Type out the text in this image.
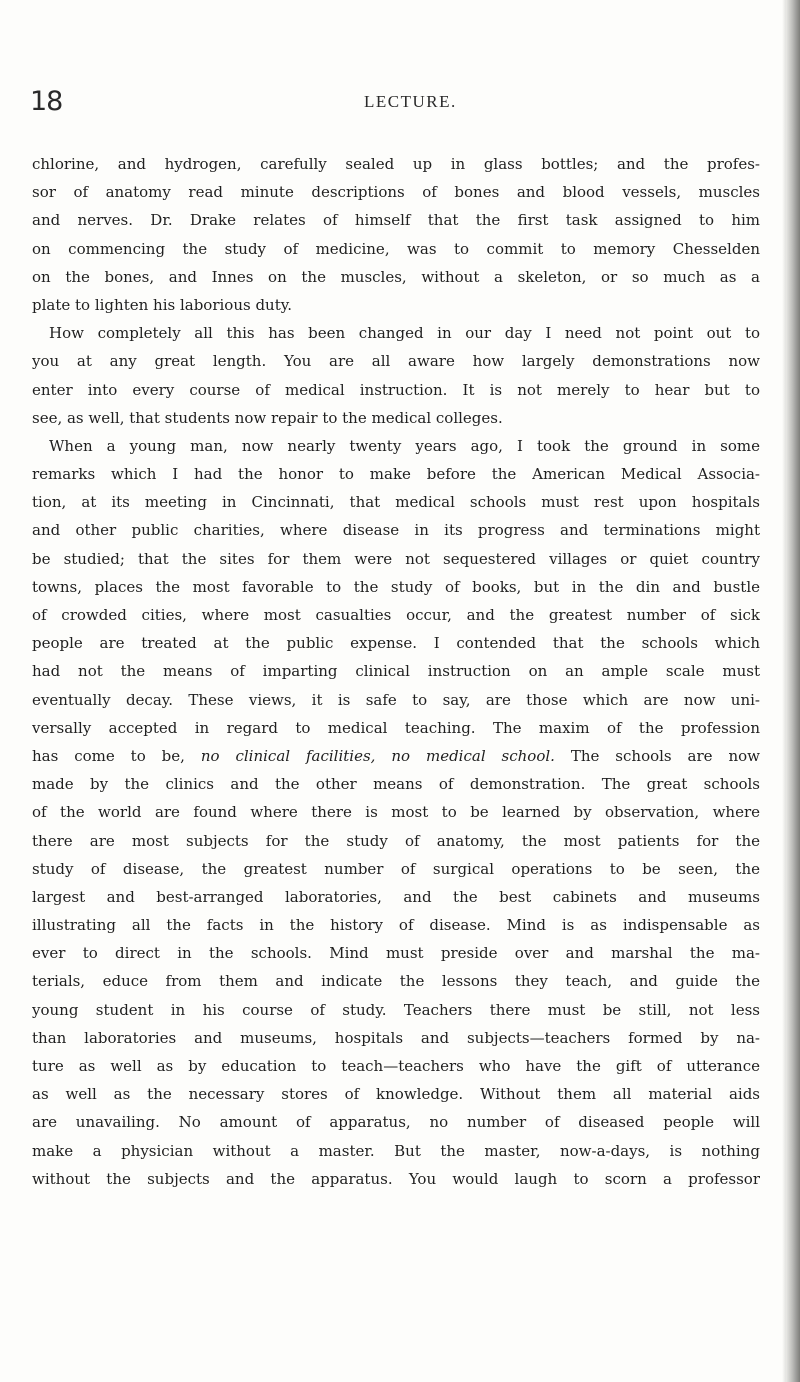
18	LECTURE.
chlorine, and hydrogen, carefully sealed up in glass bottles; and the profes-
sor of anatomy read minute descriptions of bones and blood vessels, muscles
and nerves. Dr. Drake relates of himself that the first task assigned to him
on commencing the study of medicine, was to commit to memory Chesselden
on the bones, and Innes on the muscles, without a skeleton, or so much as a
plate to lighten his laborious duty.
How completely all this has been changed in our day I need not point out to
you at any great length. You are all aware how largely demonstrations now
enter into every course of medical instruction. It is not merely to hear but to
see, as well, that students now repair to the medical colleges.
When a young man, now nearly twenty years ago, I took the ground in some
remarks which I had the honor to make before the American Medical Associa-
tion, at its meeting in Cincinnati, that medical schools must rest upon hospitals
and other public charities, where disease in its progress and terminations might
be studied; that the sites for them were not sequestered villages or quiet country
towns, places the most favorable to the study of books, but in the din and bustle
of crowded cities, where most casualties occur, and the greatest number of sick
people are treated at the public expense. I contended that the schools which
had not the means of imparting clinical instruction on an ample scale must
eventually decay. These views, it is safe to say, are those which are now uni-
versally accepted in regard to medical teaching. The maxim of the profession
has come to be, no clinical facilities, no medical school. The schools are now
made by the clinics and the other means of demonstration. The great schools
of the world are found where there is most to be learned by observation, where
there are most subjects for the study of anatomy, the most patients for the
study of disease, the greatest number of surgical operations to be seen, the
largest and best-arranged laboratories, and the best cabinets and museums
illustrating all the facts in the history of disease. Mind is as indispensable as
ever to direct in the schools. Mind must preside over and marshal the ma-
terials, educe from them and indicate the lessons they teach, and guide the
young student in his course of study. Teachers there must be still, not less
than laboratories and museums, hospitals and subjects—teachers formed by na-
ture as well as by education to teach—teachers who have the gift of utterance
as well as the necessary stores of knowledge. Without them all material aids
are unavailing. No amount of apparatus, no number of diseased people will
make a physician without a master. But the master, now-a-days, is nothing
without the subjects and the apparatus. You would laugh to scorn a professor
